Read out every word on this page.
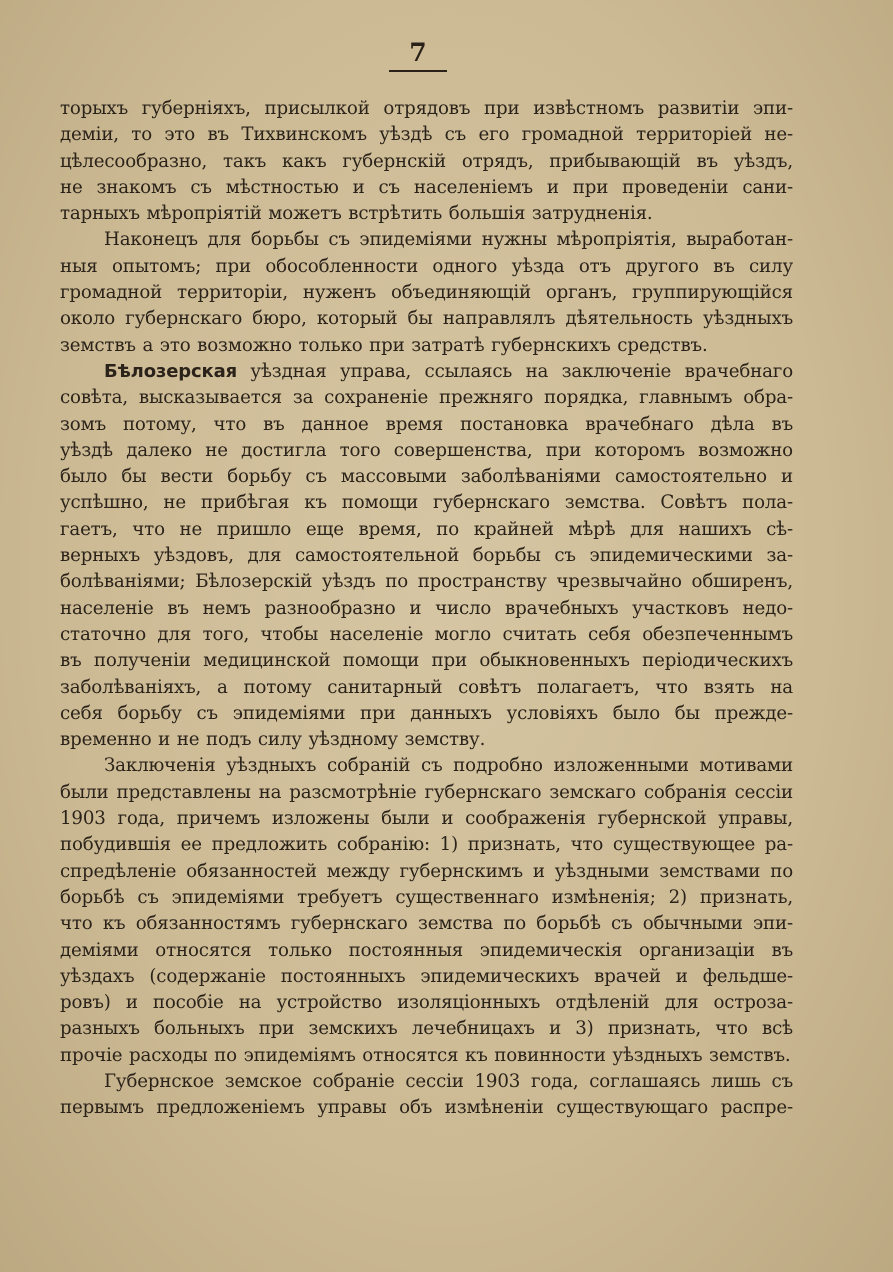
7
торыхъ губерніяхъ, присылкой отрядовъ при извѣстномъ развитіи эпи-
деміи, то это въ Тихвинскомъ уѣздѣ съ его громадной территоріей не-
цѣлесообразно, такъ какъ губернскій отрядъ, прибывающій въ уѣздъ,
не знакомъ съ мѣстностью и съ населеніемъ и при проведеніи сани-
тарныхъ мѣропріятій можетъ встрѣтить большія затрудненія.
Наконецъ для борьбы съ эпидеміями нужны мѣропріятія, выработан-
ныя опытомъ; при обособленности одного уѣзда отъ другого въ силу
громадной территоріи, нуженъ объединяющій органъ, группирующійся
около губернскаго бюро, который бы направлялъ дѣятельность уѣздныхъ
земствъ а это возможно только при затратѣ губернскихъ средствъ.
Бѣлозерская уѣздная управа, ссылаясь на заключеніе врачебнаго
совѣта, высказывается за сохраненіе прежняго порядка, главнымъ обра-
зомъ потому, что въ данное время постановка врачебнаго дѣла въ
уѣздѣ далеко не достигла того совершенства, при которомъ возможно
было бы вести борьбу съ массовыми заболѣваніями самостоятельно и
успѣшно, не прибѣгая къ помощи губернскаго земства. Совѣтъ пола-
гаетъ, что не пришло еще время, по крайней мѣрѣ для нашихъ сѣ-
верныхъ уѣздовъ, для самостоятельной борьбы съ эпидемическими за-
болѣваніями; Бѣлозерскій уѣздъ по пространству чрезвычайно обширенъ,
населеніе въ немъ разнообразно и число врачебныхъ участковъ недо-
статочно для того, чтобы населеніе могло считать себя обезпеченнымъ
въ полученіи медицинской помощи при обыкновенныхъ періодическихъ
заболѣваніяхъ, а потому санитарный совѣтъ полагаетъ, что взять на
себя борьбу съ эпидеміями при данныхъ условіяхъ было бы прежде-
временно и не подъ силу уѣздному земству.
Заключенія уѣздныхъ собраній съ подробно изложенными мотивами
были представлены на разсмотрѣніе губернскаго земскаго собранія сессіи
1903 года, причемъ изложены были и соображенія губернской управы,
побудившія ее предложить собранію: 1) признать, что существующее ра-
спредѣленіе обязанностей между губернскимъ и уѣздными земствами по
борьбѣ съ эпидеміями требуетъ существеннаго измѣненія; 2) признать,
что къ обязанностямъ губернскаго земства по борьбѣ съ обычными эпи-
деміями относятся только постоянныя эпидемическія организаціи въ
уѣздахъ (содержаніе постоянныхъ эпидемическихъ врачей и фельдше-
ровъ) и пособіе на устройство изоляціонныхъ отдѣленій для остроза-
разныхъ больныхъ при земскихъ лечебницахъ и 3) признать, что всѣ
прочіе расходы по эпидеміямъ относятся къ повинности уѣздныхъ земствъ.
Губернское земское собраніе сессіи 1903 года, соглашаясь лишь съ
первымъ предложеніемъ управы объ измѣненіи существующаго распре-
